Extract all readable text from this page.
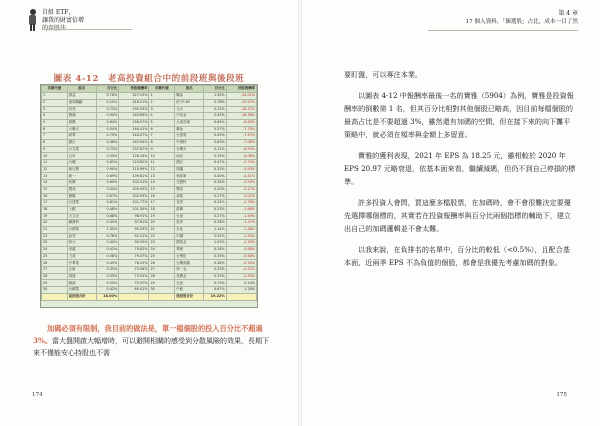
自組 ETF，
讓我的財富倍增
圖表 4-12　老高投資組合中的前段班與後段班
名稱代號	股名	百分比	持股報酬率	名稱代號	股名	百分比	持股報酬率
1	群益	0.78%	327.19%	1	聯詠	1.35%	-24.01%
2	東和鋼鐵	0.20%	316.21%	2	矽力*-KY	0.78%	-19.57%
3	信邦	0.72%	195.33%	3	元大	0.22%	-16.37%
4	儒鴻	0.90%	163.69%	4	中信金	0.43%	-16.36%
5	耕興	0.64%	156.57%	5	大成長城	0.64%	-8.83%
6	大聯大	0.54%	146.41%	6	聯詠	0.57%	-7.75%
7	研華	0.79%	144.07%	7	台達電	0.49%	-7.67%
8	國巨	0.48%	140.94%	8	中保科	0.83%	-7.08%
9	台光電	0.73%	137.67%	9	台灣大	0.11%	-6.93%
10	凡甲	0.55%	128.18%	10	南亞	0.35%	-6.08%
11	台燿	0.85%	123.82%	11	國巨	0.47%	-5.74%
12	新日興	0.90%	110.99%	12	瑞儀	0.32%	-4.93%
13	統一	0.69%	109.81%	13	和泰車	0.40%	-4.41%
14	欣興	0.60%	102.41%	14	光寶科	0.26%	-3.59%
15	寶成	0.54%	100.95%	15	豐泰	0.20%	-3.27%
16	聚陽	0.67%	102.09%	16	神基	0.27%	-3.02%
17	台達電	0.81%	101.77%	17	長榮	0.24%	-2.78%
18	上銀	0.48%	101.30%	18	群聯	0.23%	-1.68%
19	大立光	0.68%	98.91%	19	台泥	0.27%	-1.49%
20	聯發科	0.35%	97.81%	20	世界	0.28%	-1.37%
21	台積電	1.30%	95.29%	21	台化	1.14%	-1.38%
22	致茂	0.76%	92.31%	22	中鋼	2.52%	-1.34%
23	和大	0.40%	90.55%	23	國泰金	1.03%	-1.29%
24	崇越	0.42%	79.82%	24	華碩	0.28%	-0.88%
25	力成	0.58%	79.47%	25	台塑化	0.33%	-0.68%
26	中華電	0.45%	78.25%	26	台灣高鐵	0.38%	-0.55%
27	正新	0.35%	73.58%	27	第一金	0.33%	-0.52%
28	胡連	0.55%	73.52%	28	兆豐金	0.33%	-0.35%
29	精誠	0.50%	70.37%	29	台泥	0.79%	0.14%
30	台積電	0.42%	69.42%	30	中租	0.67%	1.28%
	前段班合計	18.00%			後段班合計	19.22%	

加碼必須有限制，我目前的做法是，單一檔個股的投入百分比不超過 3%。當大盤開啟大幅增時，可以避開相關的感受到分散風險的效果，長期下來不僅能安心持股也不需

174
第 4 章
17 個入資料，「揀選股」占比，成本一目了然

要盯盤，可以專注本業。

以圖表 4-12 中報酬率最後一名的寶雅（5904）為例，寶雅是投資報酬率的倒數第 1 名，但其百分比相對其他個股已略高，因目前每檔個股的最高占比是不要超過 3%，雖然還有加碼的空間，但在接下來的向下攤平策略中，就必須在頻率與金額上多留意。

寶雅的獲利表現，2021 年 EPS 為 18.25 元，雖相較於 2020 年 EPS 20.97 元略衰退，依基本面來看，繼續減碼，但仍不到自己停損的標準。

許多投資人會問，買這麼多檔股票，在加碼時，會不會很難決定要優先選擇哪個標的，其實若在投資報酬率與百分比兩個指標的輔助下，建立出自己的加碼邏輯並不會太難。

以我來說，在負排名的名單中，百分比的較低（<0.5%），且配合基本面，近兩季 EPS 不為負值的個股，都會是我優先考慮加碼的對象。

175
